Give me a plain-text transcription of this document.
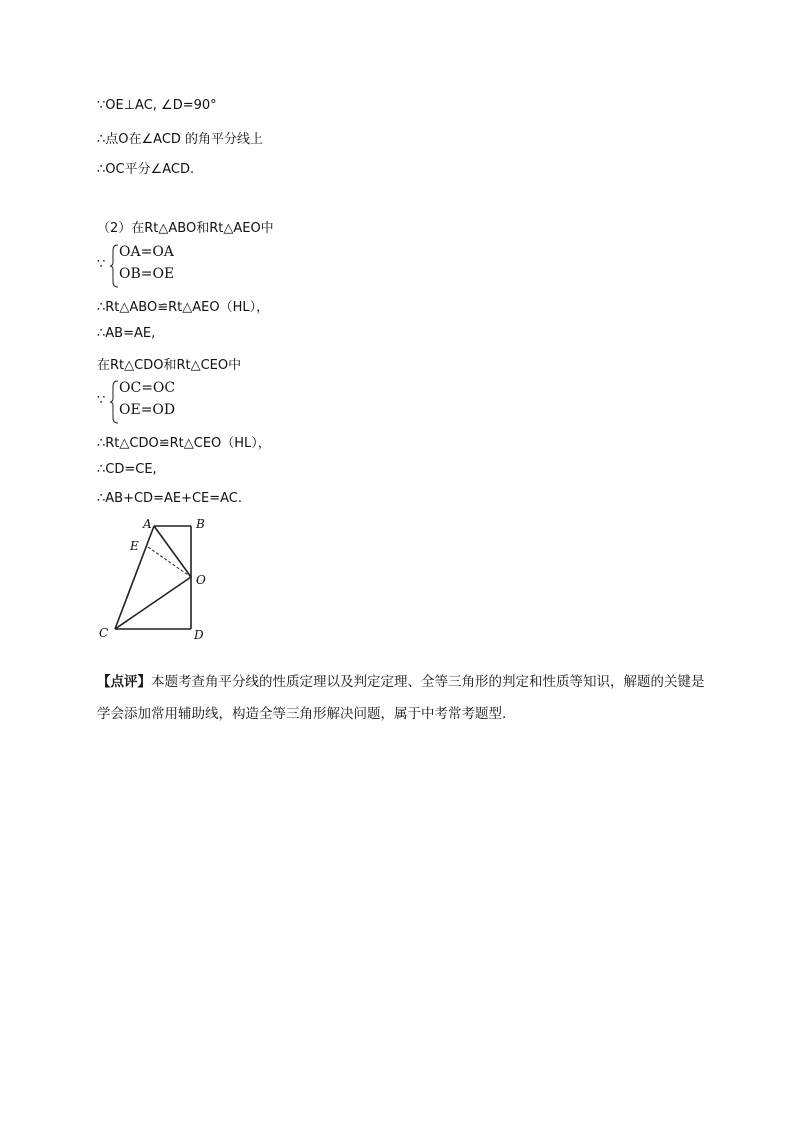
∵OE⊥AC, ∠D=90°
∴点O在∠ACD 的角平分线上
∴OC平分∠ACD.
（2）在Rt△ABO和Rt△AEO中
∵
OA=OA
OB=OE
∴Rt△ABO≌Rt△AEO（HL），
∴AB=AE,
在Rt△CDO和Rt△CEO中
∵
OC=OC
OE=OD
∴Rt△CDO≌Rt△CEO（HL），
∴CD=CE,
∴AB+CD=AE+CE=AC.
A	B
C	D
E
O
【点评】本题考查角平分线的性质定理以及判定定理、全等三角形的判定和性质等知识，解题的关键是学会添加常用辅助线，构造全等三角形解决问题，属于中考常考题型.
